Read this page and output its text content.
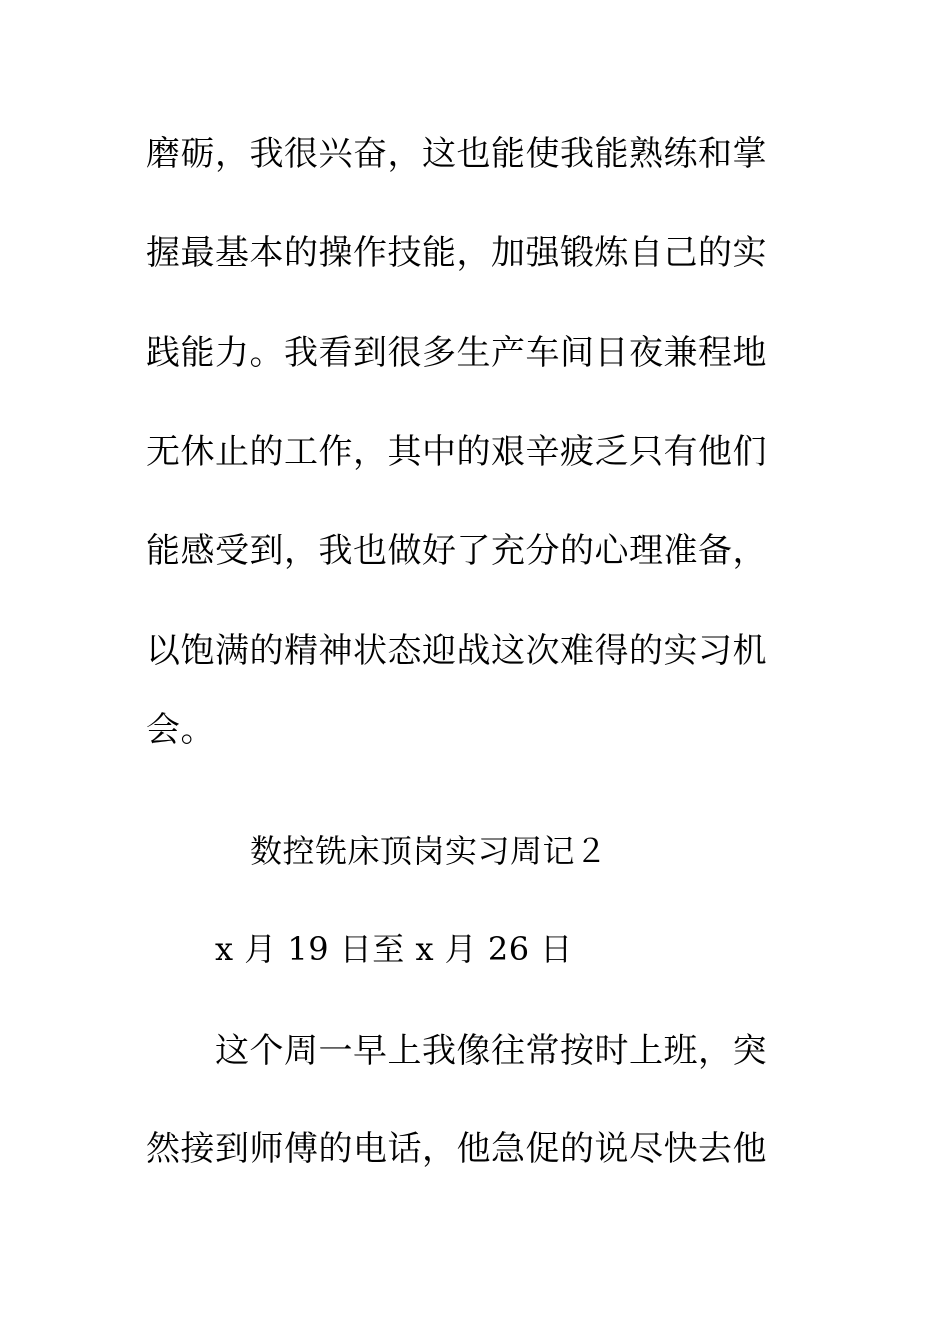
磨砺，我很兴奋，这也能使我能熟练和掌
握最基本的操作技能，加强锻炼自己的实
践能力。我看到很多生产车间日夜兼程地
无休止的工作，其中的艰辛疲乏只有他们
能感受到，我也做好了充分的心理准备，
以饱满的精神状态迎战这次难得的实习机
会。
数控铣床顶岗实习周记２
x 月 19 日至 x 月 26 日
这个周一早上我像往常按时上班，突
然接到师傅的电话，他急促的说尽快去他
